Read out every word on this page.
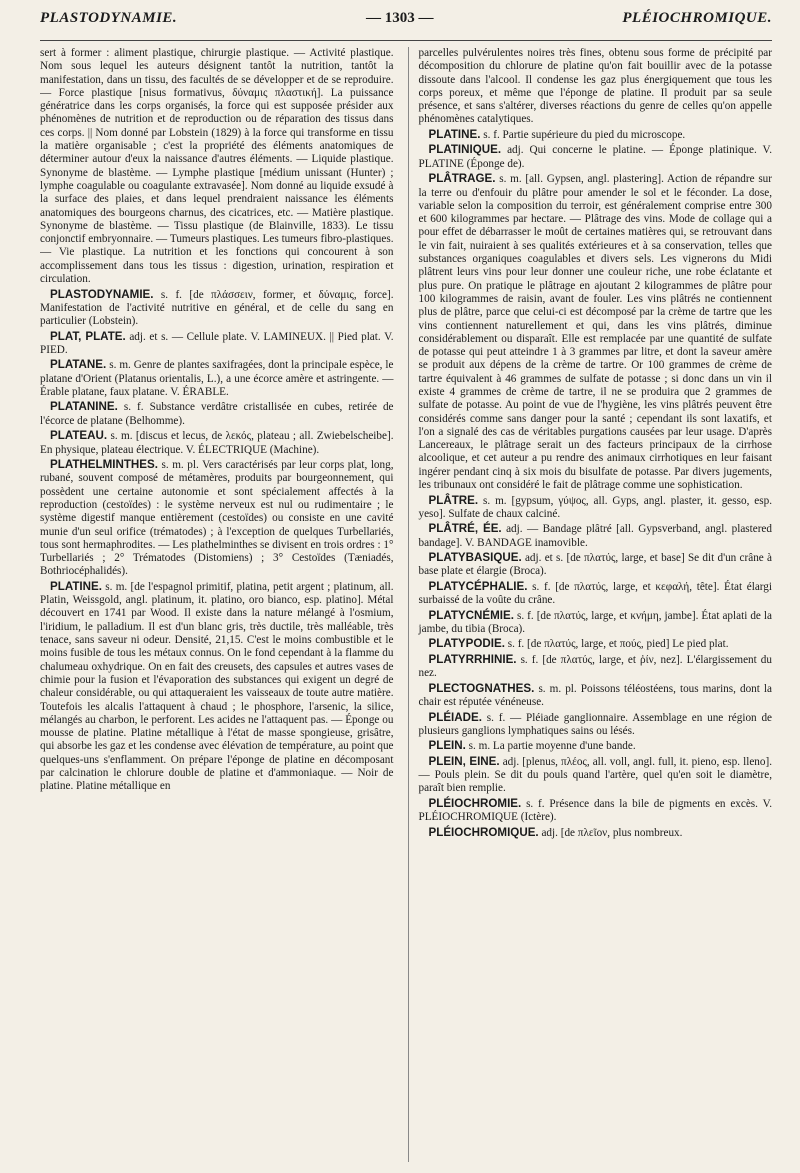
PLASTODYNAMIE.	— 1303 —	PLÉIOCHROMIQUE.

sert à former : aliment plastique, chirurgie plastique. — Activité plastique. Nom sous lequel les auteurs désignent tantôt la nutrition, tantôt la manifestation, dans un tissu, des facultés de se développer et de se reproduire. — Force plastique [nisus formativus, δύναμις πλαστική]. La puissance génératrice dans les corps organisés, la force qui est supposée présider aux phénomènes de nutrition et de reproduction ou de réparation des tissus dans ces corps. || Nom donné par Lobstein (1829) à la force qui transforme en tissu la matière organisable ; c'est la propriété des éléments anatomiques de déterminer autour d'eux la naissance d'autres éléments. — Liquide plastique. Synonyme de blastème. — Lymphe plastique [médium unissant (Hunter) ; lymphe coagulable ou coagulante extravasée]. Nom donné au liquide exsudé à la surface des plaies, et dans lequel prendraient naissance les éléments anatomiques des bourgeons charnus, des cicatrices, etc. — Matière plastique. Synonyme de blastème. — Tissu plastique (de Blainville, 1833). Le tissu conjonctif embryonnaire. — Tumeurs plastiques. Les tumeurs fibro-plastiques. — Vie plastique. La nutrition et les fonctions qui concourent à son accomplissement dans tous les tissus : digestion, urination, respiration et circulation.

PLASTODYNAMIE. s. f. [de πλάσσειν, former, et δύναμις, force]. Manifestation de l'activité nutritive en général, et de celle du sang en particulier (Lobstein).

PLAT, PLATE. adj. et s. — Cellule plate. V. LAMINEUX. || Pied plat. V. PIED.

PLATANE. s. m. Genre de plantes saxifragées, dont la principale espèce, le platane d'Orient (Platanus orientalis, L.), a une écorce amère et astringente. — Érable platane, faux platane. V. ÉRABLE.

PLATANINE. s. f. Substance verdâtre cristallisée en cubes, retirée de l'écorce de platane (Belhomme).

PLATEAU. s. m. [discus et lecus, de λεκός, plateau ; all. Zwiebelscheibe]. En physique, plateau électrique. V. ÉLECTRIQUE (Machine).

PLATHELMINTHES. s. m. pl. Vers caractérisés par leur corps plat, long, rubané, souvent composé de métamères, produits par bourgeonnement, qui possèdent une certaine autonomie et sont spécialement affectés à la reproduction (cestoïdes) : le système nerveux est nul ou rudimentaire ; le système digestif manque entièrement (cestoïdes) ou consiste en une cavité munie d'un seul orifice (trématodes) ; à l'exception de quelques Turbellariés, tous sont hermaphrodites. — Les plathelminthes se divisent en trois ordres : 1° Turbellariés ; 2° Trématodes (Distomiens) ; 3° Cestoïdes (Tæniadés, Bothriocéphalidés).

PLATINE. s. m. [de l'espagnol primitif, platina, petit argent ; platinum, all. Platin, Weissgold, angl. platinum, it. platino, oro bianco, esp. platino]. Métal découvert en 1741 par Wood. Il existe dans la nature mélangé à l'osmium, l'iridium, le palladium. Il est d'un blanc gris, très ductile, très malléable, très tenace, sans saveur ni odeur. Densité, 21,15. C'est le moins combustible et le moins fusible de tous les métaux connus. On le fond cependant à la flamme du chalumeau oxhydrique. On en fait des creusets, des capsules et autres vases de chimie pour la fusion et l'évaporation des substances qui exigent un degré de chaleur considérable, ou qui attaqueraient les vaisseaux de toute autre matière. Toutefois les alcalis l'attaquent à chaud ; le phosphore, l'arsenic, la silice, mélangés au charbon, le perforent. Les acides ne l'attaquent pas. — Éponge ou mousse de platine. Platine métallique à l'état de masse spongieuse, grisâtre, qui absorbe les gaz et les condense avec élévation de température, au point que quelques-uns s'enflamment. On prépare l'éponge de platine en décomposant par calcination le chlorure double de platine et d'ammoniaque. — Noir de platine. Platine métallique en

parcelles pulvérulentes noires très fines, obtenu sous forme de précipité par décomposition du chlorure de platine qu'on fait bouillir avec de la potasse dissoute dans l'alcool. Il condense les gaz plus énergiquement que tous les corps poreux, et même que l'éponge de platine. Il produit par sa seule présence, et sans s'altérer, diverses réactions du genre de celles qu'on appelle phénomènes catalytiques.

PLATINE. s. f. Partie supérieure du pied du microscope.

PLATINIQUE. adj. Qui concerne le platine. — Éponge platinique. V. PLATINE (Éponge de).

PLÂTRAGE. s. m. [all. Gypsen, angl. plastering]. Action de répandre sur la terre ou d'enfouir du plâtre pour amender le sol et le féconder. La dose, variable selon la composition du terroir, est généralement comprise entre 300 et 600 kilogrammes par hectare. — Plâtrage des vins. Mode de collage qui a pour effet de débarrasser le moût de certaines matières qui, se retrouvant dans le vin fait, nuiraient à ses qualités extérieures et à sa conservation, telles que substances organiques coagulables et divers sels. Les vignerons du Midi plâtrent leurs vins pour leur donner une couleur riche, une robe éclatante et plus pure. On pratique le plâtrage en ajoutant 2 kilogrammes de plâtre pour 100 kilogrammes de raisin, avant de fouler. Les vins plâtrés ne contiennent plus de plâtre, parce que celui-ci est décomposé par la crème de tartre que les vins contiennent naturellement et qui, dans les vins plâtrés, diminue considérablement ou disparaît. Elle est remplacée par une quantité de sulfate de potasse qui peut atteindre 1 à 3 grammes par litre, et dont la saveur amère se produit aux dépens de la crème de tartre. Or 100 grammes de crème de tartre équivalent à 46 grammes de sulfate de potasse ; si donc dans un vin il existe 4 grammes de crème de tartre, il ne se produira que 2 grammes de sulfate de potasse. Au point de vue de l'hygiène, les vins plâtrés peuvent être considérés comme sans danger pour la santé ; cependant ils sont laxatifs, et l'on a signalé des cas de véritables purgations causées par leur usage. D'après Lancereaux, le plâtrage serait un des facteurs principaux de la cirrhose alcoolique, et cet auteur a pu rendre des animaux cirrhotiques en leur faisant ingérer pendant cinq à six mois du bisulfate de potasse. Par divers jugements, les tribunaux ont considéré le fait de plâtrage comme une sophistication.

PLÂTRE. s. m. [gypsum, γύψος, all. Gyps, angl. plaster, it. gesso, esp. yeso]. Sulfate de chaux calciné.

PLÂTRÉ, ÉE. adj. — Bandage plâtré [all. Gypsverband, angl. plastered bandage]. V. BANDAGE inamovible.

PLATYBASIQUE. adj. et s. [de πλατύς, large, et base] Se dit d'un crâne à base plate et élargie (Broca).

PLATYCÉPHALIE. s. f. [de πλατύς, large, et κεφαλή, tête]. État élargi surbaissé de la voûte du crâne.

PLATYCNÉMIE. s. f. [de πλατύς, large, et κνήμη, jambe]. État aplati de la jambe, du tibia (Broca).

PLATYPODIE. s. f. [de πλατύς, large, et πούς, pied] Le pied plat.

PLATYRRHINIE. s. f. [de πλατύς, large, et ῥίν, nez]. L'élargissement du nez.

PLECTOGNATHES. s. m. pl. Poissons téléostéens, tous marins, dont la chair est réputée vénéneuse.

PLÉIADE. s. f. — Pléiade ganglionnaire. Assemblage en une région de plusieurs ganglions lymphatiques sains ou lésés.

PLEIN. s. m. La partie moyenne d'une bande.

PLEIN, EINE. adj. [plenus, πλέος, all. voll, angl. full, it. pieno, esp. lleno]. — Pouls plein. Se dit du pouls quand l'artère, quel qu'en soit le diamètre, paraît bien remplie.

PLÉIOCHROMIE. s. f. Présence dans la bile de pigments en excès. V. PLÉIOCHROMIQUE (Ictère).

PLÉIOCHROMIQUE. adj. [de πλεῖον, plus nombreux.
